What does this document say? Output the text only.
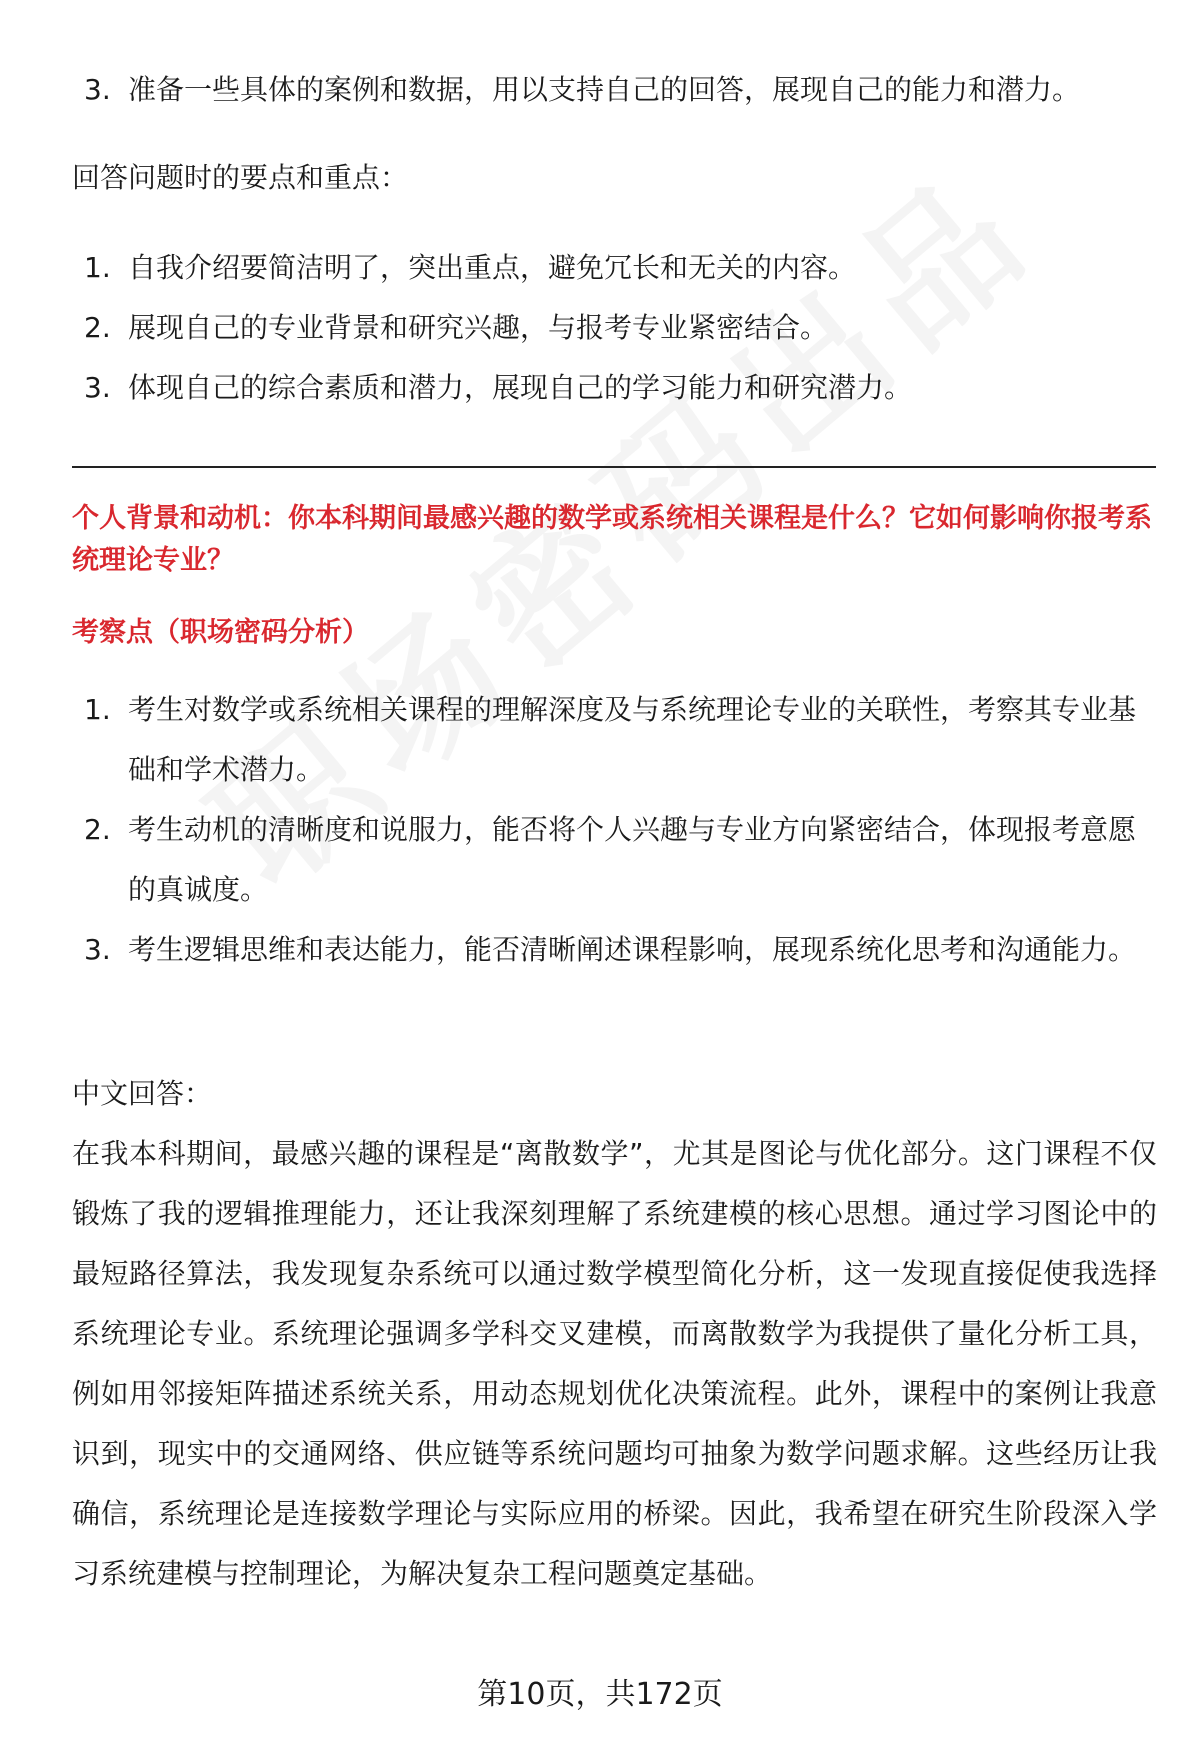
3. 准备一些具体的案例和数据，用以支持自己的回答，展现自己的能力和潜力。
回答问题时的要点和重点：
1. 自我介绍要简洁明了，突出重点，避免冗长和无关的内容。
2. 展现自己的专业背景和研究兴趣，与报考专业紧密结合。
3. 体现自己的综合素质和潜力，展现自己的学习能力和研究潜力。
个人背景和动机：你本科期间最感兴趣的数学或系统相关课程是什么？它如何影响你报考系统理论专业？
考察点（职场密码分析）
1. 考生对数学或系统相关课程的理解深度及与系统理论专业的关联性，考察其专业基础和学术潜力。
2. 考生动机的清晰度和说服力，能否将个人兴趣与专业方向紧密结合，体现报考意愿的真诚度。
3. 考生逻辑思维和表达能力，能否清晰阐述课程影响，展现系统化思考和沟通能力。
中文回答：
在我本科期间，最感兴趣的课程是“离散数学”，尤其是图论与优化部分。这门课程不仅锻炼了我的逻辑推理能力，还让我深刻理解了系统建模的核心思想。通过学习图论中的最短路径算法，我发现复杂系统可以通过数学模型简化分析，这一发现直接促使我选择系统理论专业。系统理论强调多学科交叉建模，而离散数学为我提供了量化分析工具，例如用邻接矩阵描述系统关系，用动态规划优化决策流程。此外，课程中的案例让我意识到，现实中的交通网络、供应链等系统问题均可抽象为数学问题求解。这些经历让我确信，系统理论是连接数学理论与实际应用的桥梁。因此，我希望在研究生阶段深入学习系统建模与控制理论，为解决复杂工程问题奠定基础。
第10页，共172页
